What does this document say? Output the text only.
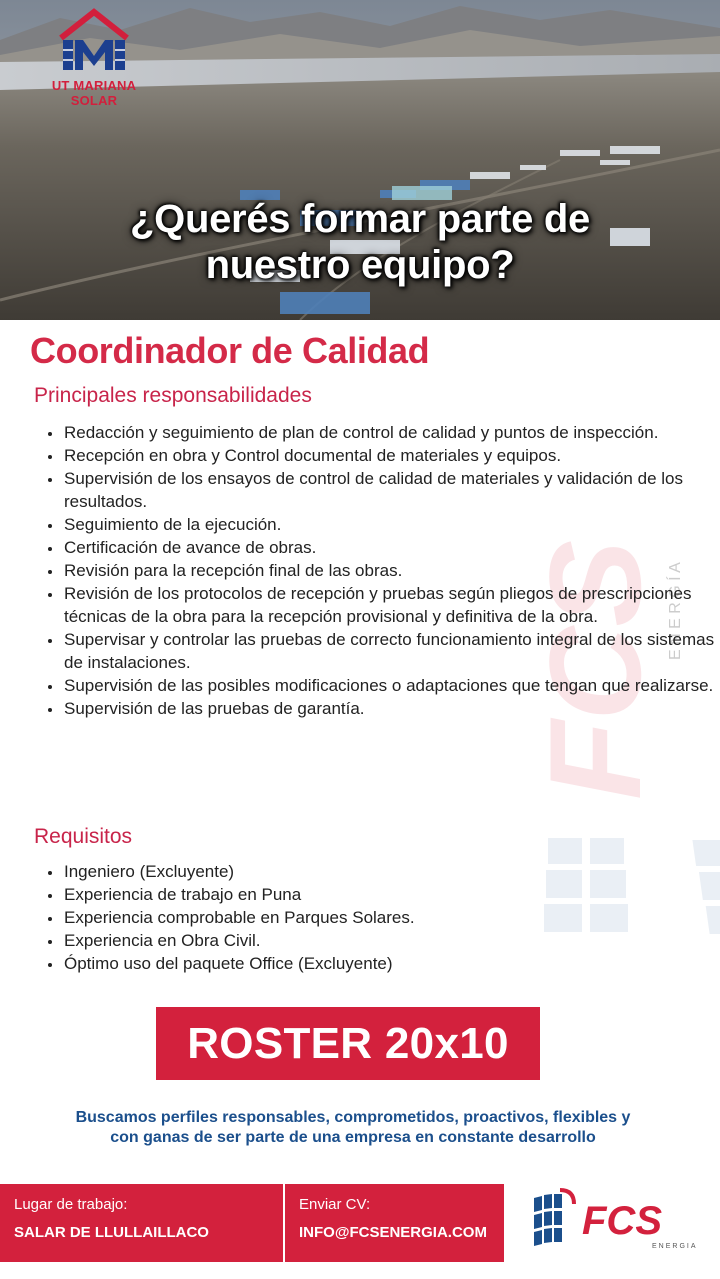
UT MARIANA SOLAR
¿Querés formar parte de
nuestro equipo?
FCS E N E R G Í A
Coordinador de Calidad
Principales responsabilidades
• Redacción y seguimiento de plan de control de calidad y puntos de inspección.
• Recepción en obra y Control documental de materiales y equipos.
• Supervisión de los ensayos de control de calidad de materiales y validación de los resultados.
• Seguimiento de la ejecución.
• Certificación de avance de obras.
• Revisión para la recepción final de las obras.
• Revisión de los protocolos de recepción y pruebas según pliegos de prescripciones técnicas de la obra para la recepción provisional y definitiva de la obra.
• Supervisar y controlar las pruebas de correcto funcionamiento integral de los sistemas de instalaciones.
• Supervisión de las posibles modificaciones o adaptaciones que tengan que realizarse.
• Supervisión de las pruebas de garantía.
Requisitos
• Ingeniero (Excluyente)
• Experiencia de trabajo en Puna
• Experiencia comprobable en Parques Solares.
• Experiencia en Obra Civil.
• Óptimo uso del paquete Office (Excluyente)
ROSTER 20x10

Buscamos perfiles responsables, comprometidos, proactivos, flexibles y
con ganas de ser parte de una empresa en constante desarrollo

Lugar de trabajo:
SALAR DE LLULLAILLACO
Enviar CV:
INFO@FCSENERGIA.COM FCS
ENERGIA
